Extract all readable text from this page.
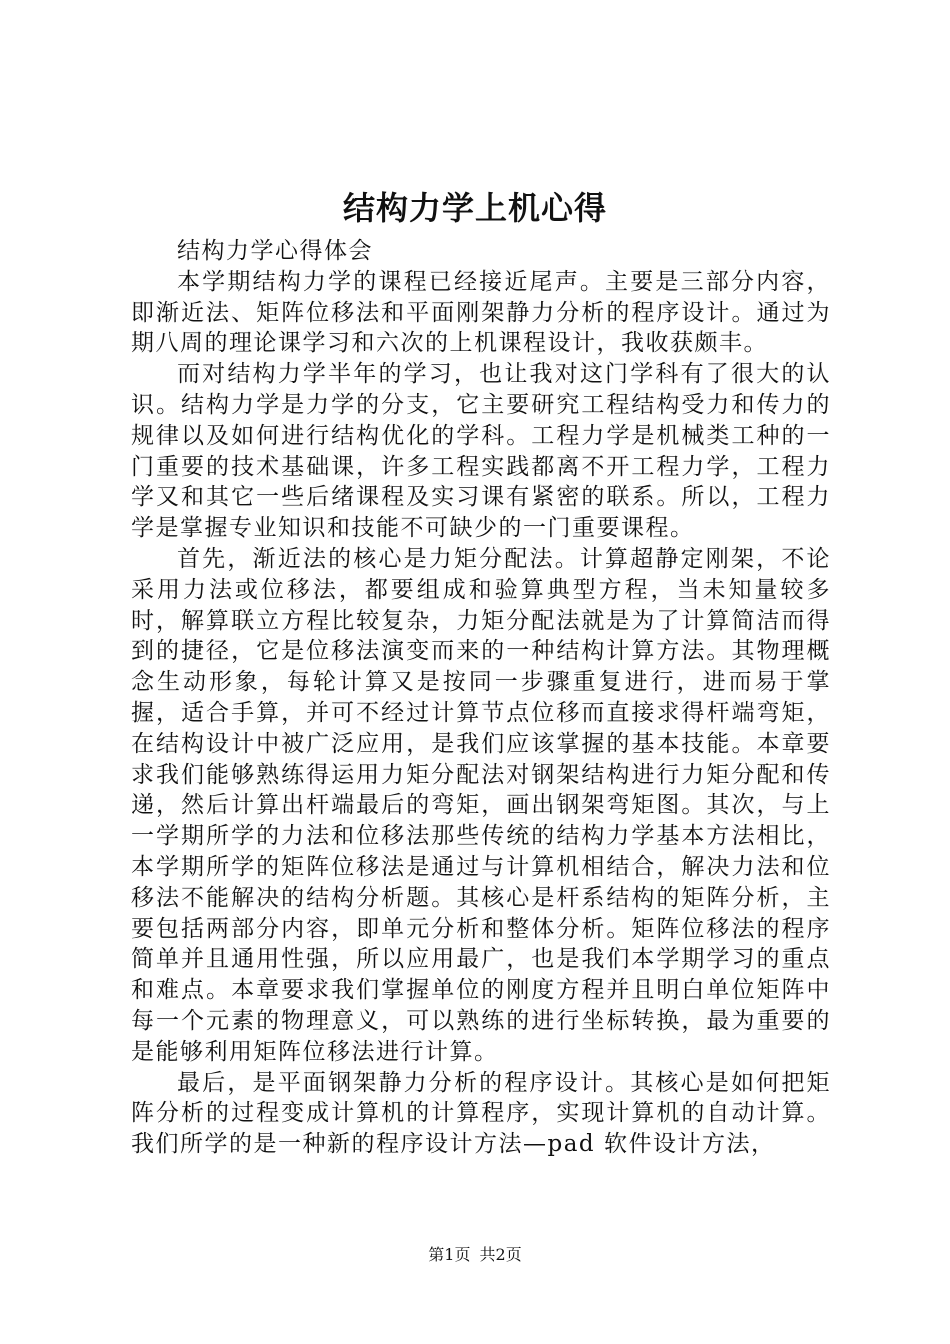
结构力学上机心得

结构力学心得体会

本学期结构力学的课程已经接近尾声。主要是三部分内容，即渐近法、矩阵位移法和平面刚架静力分析的程序设计。通过为期八周的理论课学习和六次的上机课程设计，我收获颇丰。

而对结构力学半年的学习，也让我对这门学科有了很大的认识。结构力学是力学的分支，它主要研究工程结构受力和传力的规律以及如何进行结构优化的学科。工程力学是机械类工种的一门重要的技术基础课，许多工程实践都离不开工程力学，工程力学又和其它一些后绪课程及实习课有紧密的联系。所以，工程力学是掌握专业知识和技能不可缺少的一门重要课程。

首先，渐近法的核心是力矩分配法。计算超静定刚架，不论采用力法或位移法，都要组成和验算典型方程，当未知量较多时，解算联立方程比较复杂，力矩分配法就是为了计算简洁而得到的捷径，它是位移法演变而来的一种结构计算方法。其物理概念生动形象，每轮计算又是按同一步骤重复进行，进而易于掌握，适合手算，并可不经过计算节点位移而直接求得杆端弯矩，在结构设计中被广泛应用，是我们应该掌握的基本技能。本章要求我们能够熟练得运用力矩分配法对钢架结构进行力矩分配和传递，然后计算出杆端最后的弯矩，画出钢架弯矩图。其次，与上一学期所学的力法和位移法那些传统的结构力学基本方法相比，本学期所学的矩阵位移法是通过与计算机相结合，解决力法和位移法不能解决的结构分析题。其核心是杆系结构的矩阵分析，主要包括两部分内容，即单元分析和整体分析。矩阵位移法的程序简单并且通用性强，所以应用最广，也是我们本学期学习的重点和难点。本章要求我们掌握单位的刚度方程并且明白单位矩阵中每一个元素的物理意义，可以熟练的进行坐标转换，最为重要的是能够利用矩阵位移法进行计算。

最后，是平面钢架静力分析的程序设计。其核心是如何把矩阵分析的过程变成计算机的计算程序，实现计算机的自动计算。我们所学的是一种新的程序设计方法—pad 软件设计方法，

第1页 共2页
